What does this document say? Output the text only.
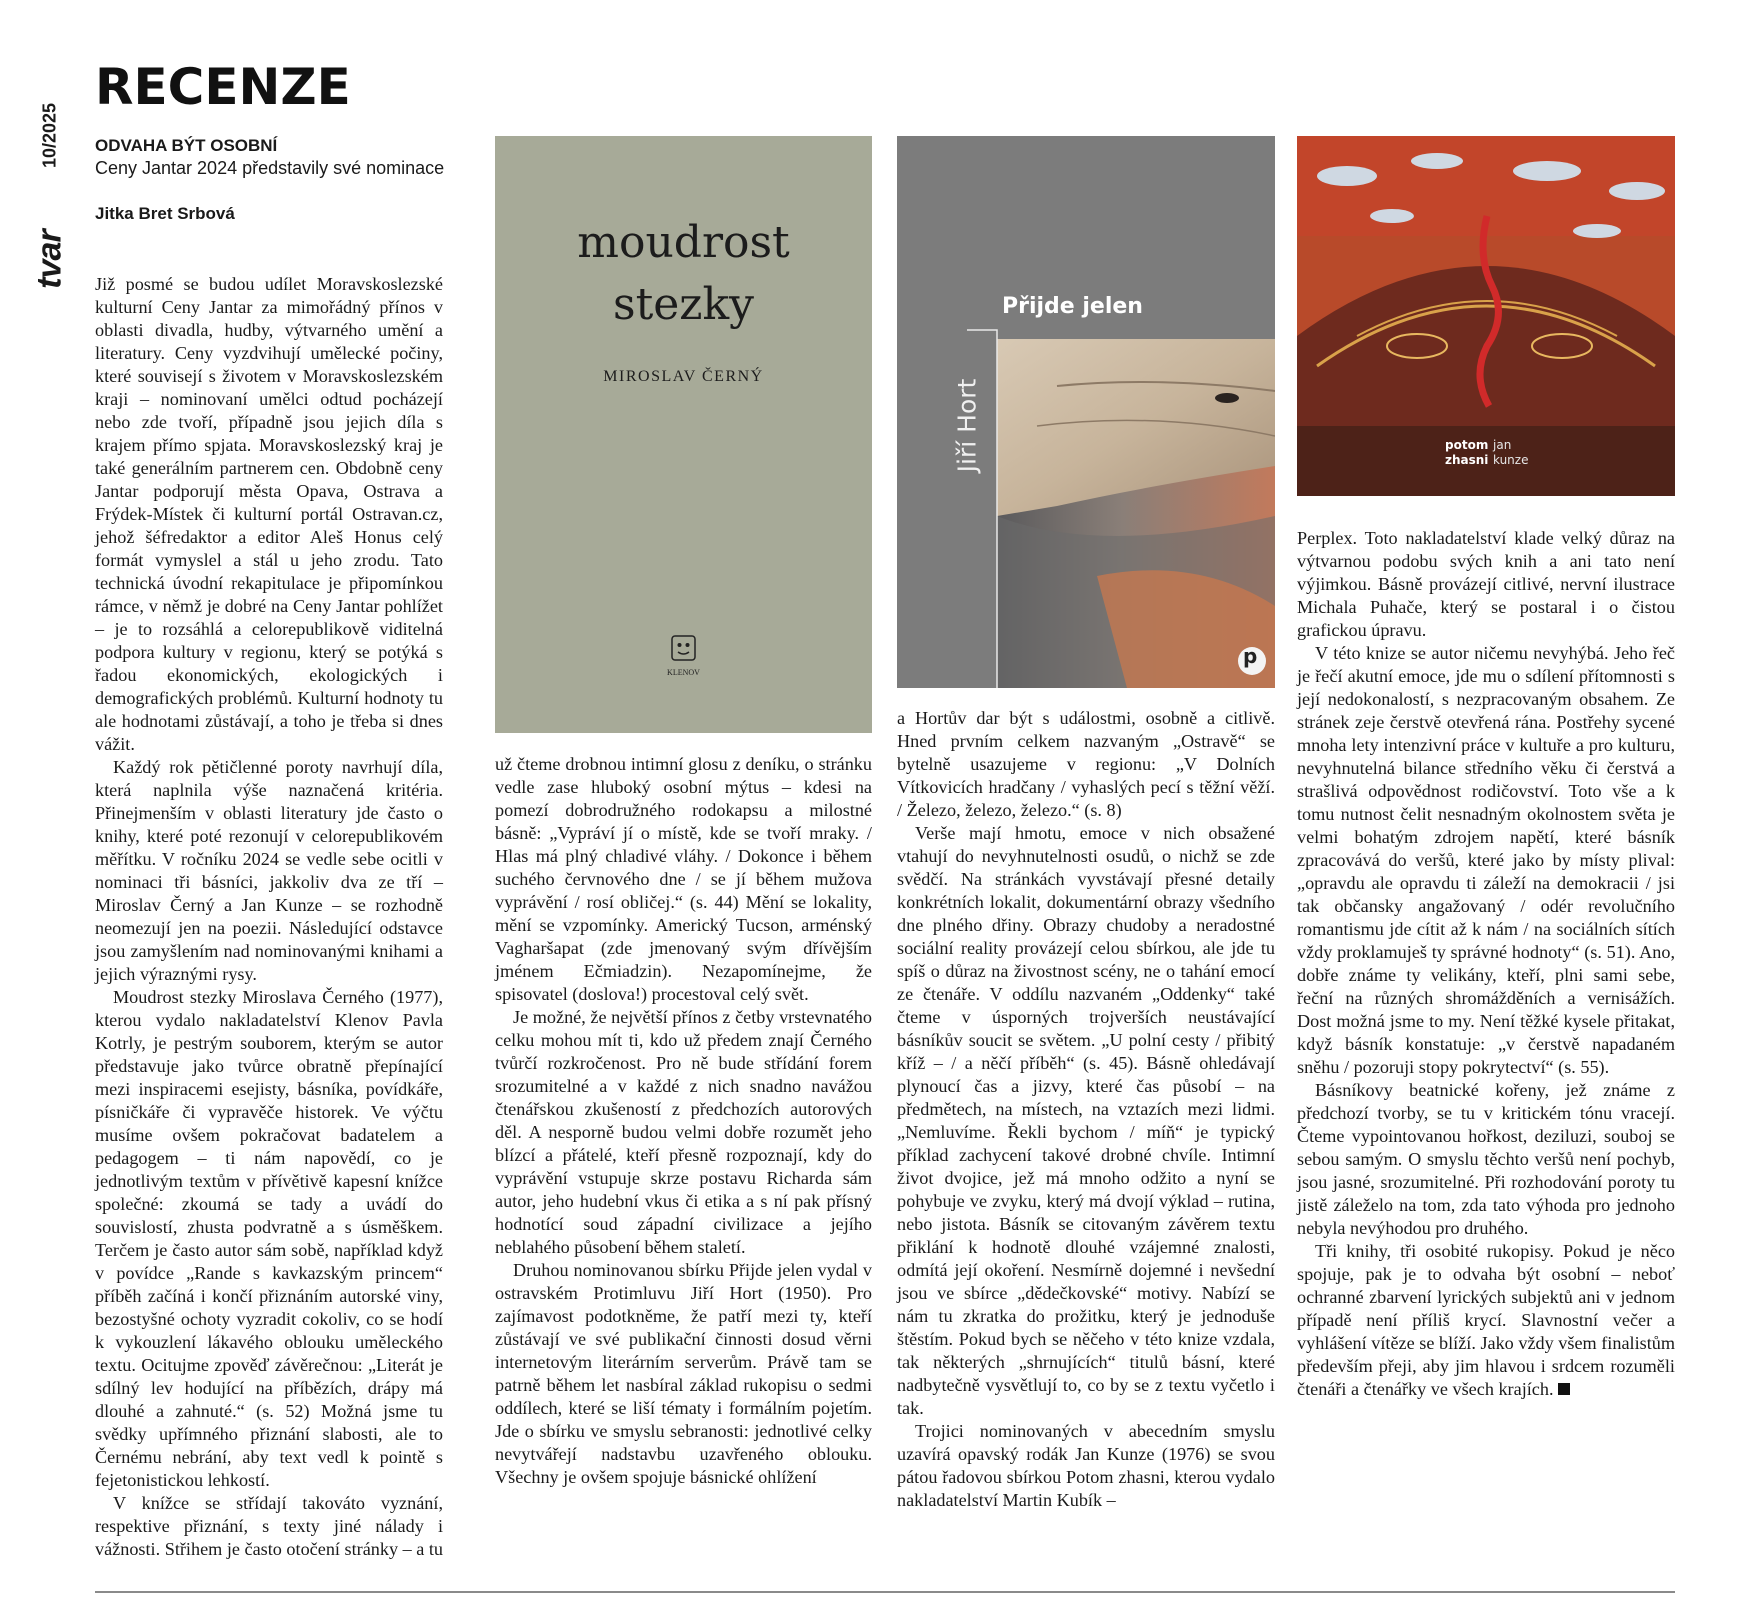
10/2025
tvar
RECENZE
ODVAHA BÝT OSOBNÍ
Ceny Jantar 2024 představily své nominace
Jitka Bret Srbová

Již posmé se budou udílet Moravskoslezské kulturní Ceny Jantar za mimořádný přínos v oblasti divadla, hudby, výtvarného umění a literatury. Ceny vyzdvihují umělecké počiny, které souvisejí s životem v Moravskoslezském kraji – nominovaní umělci odtud pocházejí nebo zde tvoří, případně jsou jejich díla s krajem přímo spjata. Moravskoslezský kraj je také generálním partnerem cen. Obdobně ceny Jantar podporují města Opava, Ostrava a Frýdek-Místek či kulturní portál Ostravan.cz, jehož šéfredaktor a editor Aleš Honus celý formát vymyslel a stál u jeho zrodu. Tato technická úvodní rekapitulace je připomínkou rámce, v němž je dobré na Ceny Jantar pohlížet – je to rozsáhlá a celorepublikově viditelná podpora kultury v regionu, který se potýká s řadou ekonomických, ekologických i demografických problémů. Kulturní hodnoty tu ale hodnotami zůstávají, a toho je třeba si dnes vážit.

Každý rok pětičlenné poroty navrhují díla, která naplnila výše naznačená kritéria. Přinejmenším v oblasti literatury jde často o knihy, které poté rezonují v celorepublikovém měřítku. V ročníku 2024 se vedle sebe ocitli v nominaci tři básníci, jakkoliv dva ze tří – Miroslav Černý a Jan Kunze – se rozhodně neomezují jen na poezii. Následující odstavce jsou zamyšlením nad nominovanými knihami a jejich výraznými rysy.

Moudrost stezky Miroslava Černého (1977), kterou vydalo nakladatelství Klenov Pavla Kotrly, je pestrým souborem, kterým se autor představuje jako tvůrce obratně přepínající mezi inspiracemi esejisty, básníka, povídkáře, písničkáře či vypravěče historek. Ve výčtu musíme ovšem pokračovat badatelem a pedagogem – ti nám napovědí, co je jednotlivým textům v přívětivě kapesní knížce společné: zkoumá se tady a uvádí do souvislostí, zhusta podvratně a s úsměškem. Terčem je často autor sám sobě, například když v povídce „Rande s kavkazským princem“ příběh začíná i končí přiznáním autorské viny, bezostyšné ochoty vyzradit cokoliv, co se hodí k vykouzlení lákavého oblouku uměleckého textu. Ocitujme zpověď závěrečnou: „Literát je sdílný lev hodující na příbězích, drápy má dlouhé a zahnuté.“ (s. 52) Možná jsme tu svědky upřímného přiznání slabosti, ale to Černému nebrání, aby text vedl k pointě s fejetonistickou lehkostí.

V knížce se střídají takováto vyznání, respektive přiznání, s texty jiné nálady i vážnosti. Střihem je často otočení stránky – a tu

moudrost
stezky
MIROSLAV ČERNÝ
KLENOV
Přijde jelen
Jiří Hort
p
potom
zhasni
jan
kunze

už čteme drobnou intimní glosu z deníku, o stránku vedle zase hluboký osobní mýtus – kdesi na pomezí dobrodružného rodokapsu a milostné básně: „Vypráví jí o místě, kde se tvoří mraky. / Hlas má plný chladivé vláhy. / Dokonce i během suchého červnového dne / se jí během mužova vyprávění / rosí obličej.“ (s. 44) Mění se lokality, mění se vzpomínky. Americký Tucson, arménský Vagharšapat (zde jmenovaný svým dřívějším jménem Ečmiadzin). Nezapomínejme, že spisovatel (doslova!) procestoval celý svět.

Je možné, že největší přínos z četby vrstevnatého celku mohou mít ti, kdo už předem znají Černého tvůrčí rozkročenost. Pro ně bude střídání forem srozumitelné a v každé z nich snadno navážou čtenářskou zkušeností z předchozích autorových děl. A nesporně budou velmi dobře rozumět jeho blízcí a přátelé, kteří přesně rozpoznají, kdy do vyprávění vstupuje skrze postavu Richarda sám autor, jeho hudební vkus či etika a s ní pak přísný hodnotící soud západní civilizace a jejího neblahého působení během staletí.

Druhou nominovanou sbírku Přijde jelen vydal v ostravském Protimluvu Jiří Hort (1950). Pro zajímavost podotkněme, že patří mezi ty, kteří zůstávají ve své publikační činnosti dosud věrni internetovým literárním serverům. Právě tam se patrně během let nasbíral základ rukopisu o sedmi oddílech, které se liší tématy i formálním pojetím. Jde o sbírku ve smyslu sebranosti: jednotlivé celky nevytvářejí nadstavbu uzavřeného oblouku. Všechny je ovšem spojuje básnické ohlížení

a Hortův dar být s událostmi, osobně a citlivě. Hned prvním celkem nazvaným „Ostravě“ se bytelně usazujeme v regionu: „V Dolních Vítkovicích hradčany / vyhaslých pecí s těžní věží. / Železo, železo, železo.“ (s. 8)

Verše mají hmotu, emoce v nich obsažené vtahují do nevyhnutelnosti osudů, o nichž se zde svědčí. Na stránkách vyvstávají přesné detaily konkrétních lokalit, dokumentární obrazy všedního dne plného dřiny. Obrazy chudoby a neradostné sociální reality provázejí celou sbírkou, ale jde tu spíš o důraz na živostnost scény, ne o tahání emocí ze čtenáře. V oddílu nazvaném „Oddenky“ také čteme v úsporných trojverších neustávající básníkův soucit se světem. „U polní cesty / přibitý kříž – / a něčí příběh“ (s. 45). Básně ohledávají plynoucí čas a jizvy, které čas působí – na předmětech, na místech, na vztazích mezi lidmi. „Nemluvíme. Řekli bychom / míň“ je typický příklad zachycení takové drobné chvíle. Intimní život dvojice, jež má mnoho odžito a nyní se pohybuje ve zvyku, který má dvojí výklad – rutina, nebo jistota. Básník se citovaným závěrem textu přiklání k hodnotě dlouhé vzájemné znalosti, odmítá její okoření. Nesmírně dojemné i nevšední jsou ve sbírce „dědečkovské“ motivy. Nabízí se nám tu zkratka do prožitku, který je jednoduše štěstím. Pokud bych se něčeho v této knize vzdala, tak některých „shrnujících“ titulů básní, které nadbytečně vysvětlují to, co by se z textu vyčetlo i tak.

Trojici nominovaných v abecedním smyslu uzavírá opavský rodák Jan Kunze (1976) se svou pátou řadovou sbírkou Potom zhasni, kterou vydalo nakladatelství Martin Kubík –

Perplex. Toto nakladatelství klade velký důraz na výtvarnou podobu svých knih a ani tato není výjimkou. Básně provázejí citlivé, nervní ilustrace Michala Puhače, který se postaral i o čistou grafickou úpravu.

V této knize se autor ničemu nevyhýbá. Jeho řeč je řečí akutní emoce, jde mu o sdílení přítomnosti s její nedokonalostí, s nezpracovaným obsahem. Ze stránek zeje čerstvě otevřená rána. Postřehy sycené mnoha lety intenzivní práce v kultuře a pro kulturu, nevyhnutelná bilance středního věku či čerstvá a strašlivá odpovědnost rodičovství. Toto vše a k tomu nutnost čelit nesnadným okolnostem světa je velmi bohatým zdrojem napětí, které básník zpracovává do veršů, které jako by místy plival: „opravdu ale opravdu ti záleží na demokracii / jsi tak občansky angažovaný / odér revolučního romantismu jde cítit až k nám / na sociálních sítích vždy proklamuješ ty správné hodnoty“ (s. 51). Ano, dobře známe ty velikány, kteří, plni sami sebe, řeční na různých shromážděních a vernisážích. Dost možná jsme to my. Není těžké kysele přitakat, když básník konstatuje: „v čerstvě napadaném sněhu / pozoruji stopy pokrytectví“ (s. 55).

Básníkovy beatnické kořeny, jež známe z předchozí tvorby, se tu v kritickém tónu vracejí. Čteme vypointovanou hořkost, deziluzi, souboj se sebou samým. O smyslu těchto veršů není pochyb, jsou jasné, srozumitelné. Při rozhodování poroty tu jistě záleželo na tom, zda tato výhoda pro jednoho nebyla nevýhodou pro druhého.

Tři knihy, tři osobité rukopisy. Pokud je něco spojuje, pak je to odvaha být osobní – neboť ochranné zbarvení lyrických subjektů ani v jednom případě není příliš krycí. Slavnostní večer a vyhlášení vítěze se blíží. Jako vždy všem finalistům především přeji, aby jim hlavou i srdcem rozuměli čtenáři a čtenářky ve všech krajích.
